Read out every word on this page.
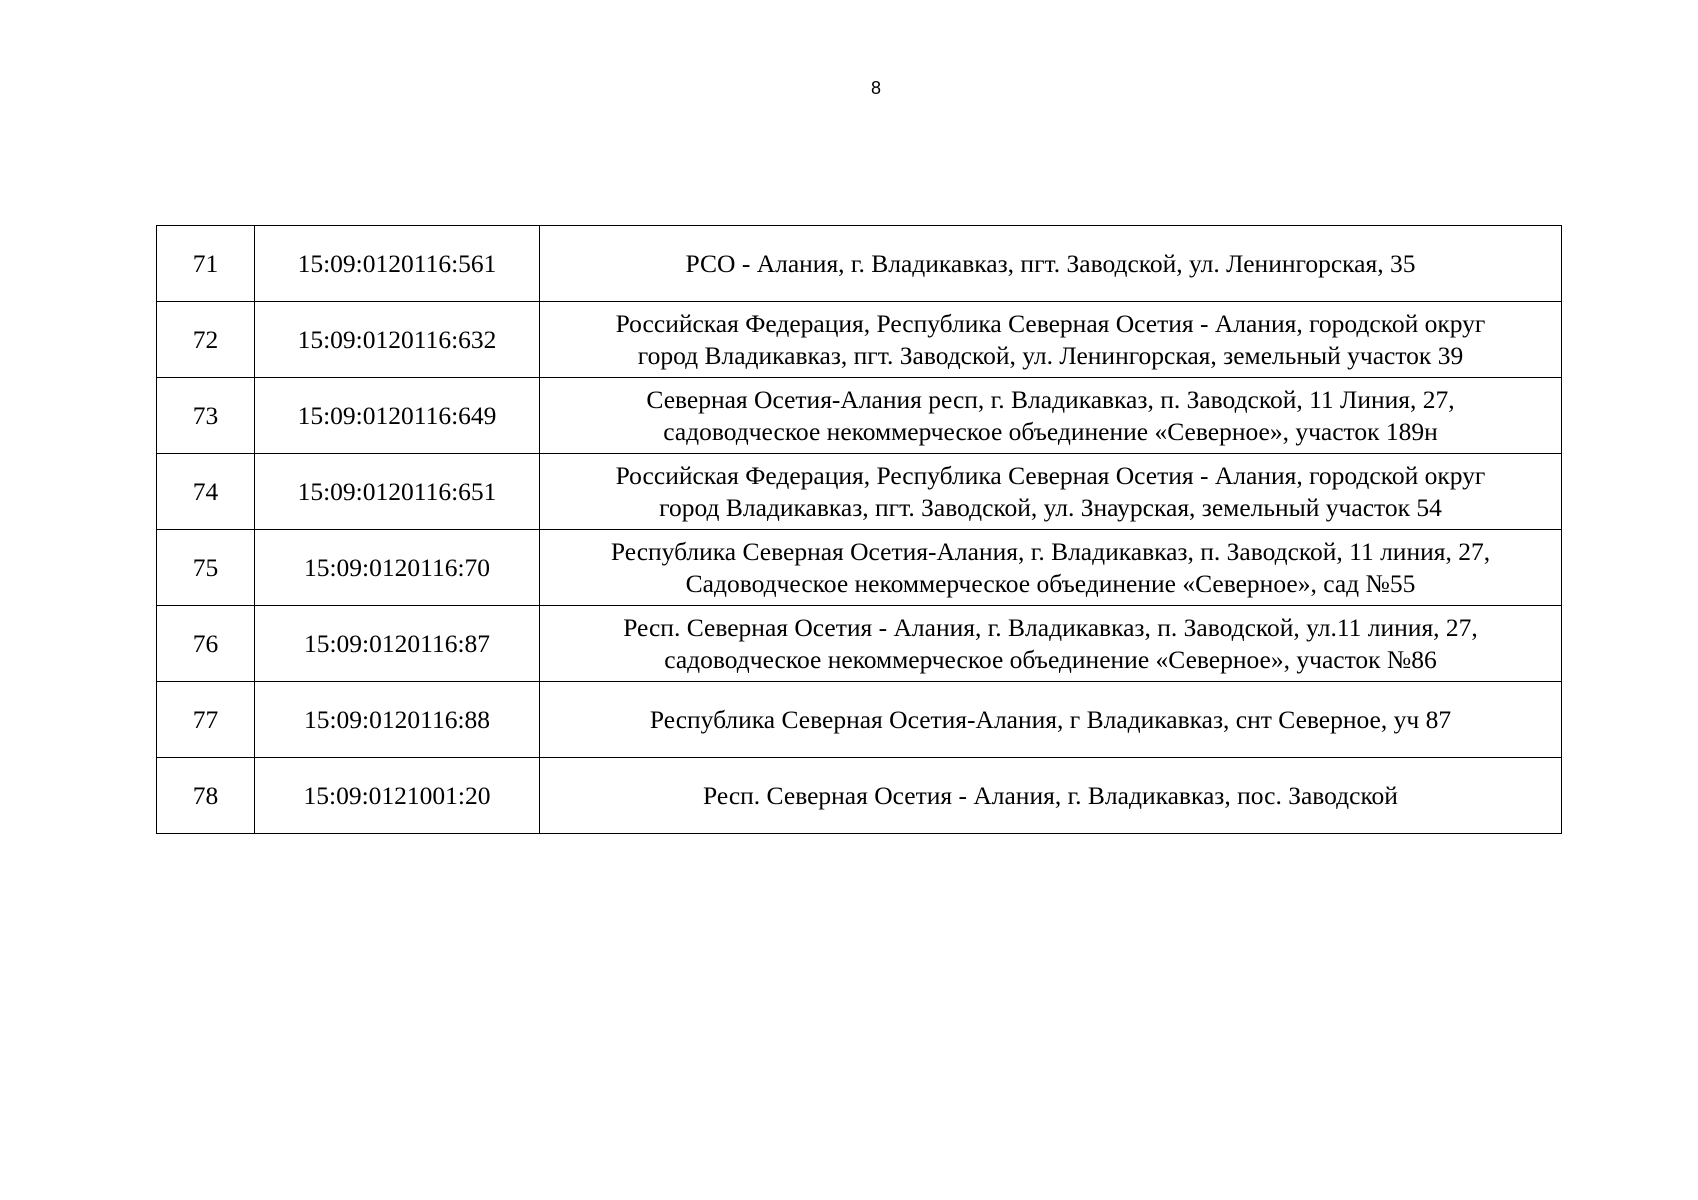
8
71	15:09:0120116:561	РСО - Алания, г. Владикавказ, пгт. Заводской, ул. Ленингорская, 35

72	15:09:0120116:632	Российская Федерация, Республика Северная Осетия - Алания, городской округ
город Владикавказ, пгт. Заводской, ул. Ленингорская, земельный участок 39

73	15:09:0120116:649	Северная Осетия-Алания респ, г. Владикавказ, п. Заводской, 11 Линия, 27,
садоводческое некоммерческое объединение «Северное», участок 189н

74	15:09:0120116:651	Российская Федерация, Республика Северная Осетия - Алания, городской округ
город Владикавказ, пгт. Заводской, ул. Знаурская, земельный участок 54

75	15:09:0120116:70	Республика Северная Осетия-Алания, г. Владикавказ, п. Заводской, 11 линия, 27,
Садоводческое некоммерческое объединение «Северное», сад №55

76	15:09:0120116:87	Респ. Северная Осетия - Алания, г. Владикавказ, п. Заводской, ул.11 линия, 27,
садоводческое некоммерческое объединение «Северное», участок №86

77	15:09:0120116:88	Республика Северная Осетия-Алания, г Владикавказ, снт Северное, уч 87

78	15:09:0121001:20	Респ. Северная Осетия - Алания, г. Владикавказ, пос. Заводской
